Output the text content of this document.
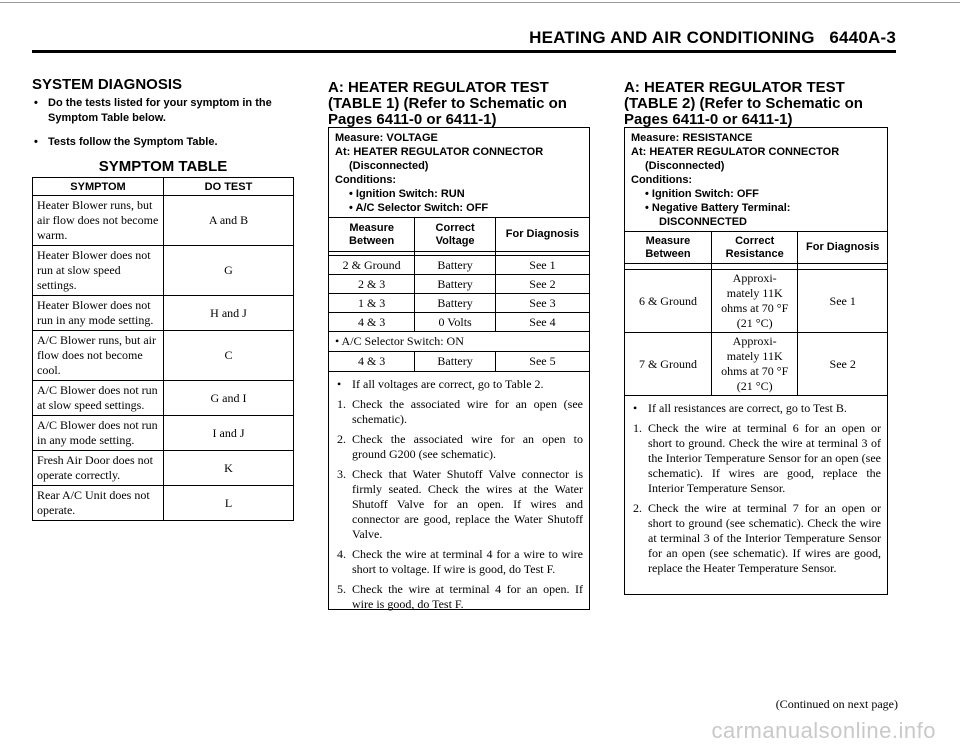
HEATING AND AIR CONDITIONING   6440A-3
SYSTEM DIAGNOSIS
• Do the tests listed for your symptom in the Symptom Table below.
• Tests follow the Symptom Table.
SYMPTOM TABLE
SYMPTOM	DO TEST
Heater Blower runs, but air flow does not become warm.	A and B
Heater Blower does not run at slow speed settings.	G
Heater Blower does not run in any mode setting.	H and J
A/C Blower runs, but air flow does not become cool.	C
A/C Blower does not run at slow speed settings.	G and I
A/C Blower does not run in any mode setting.	I and J
Fresh Air Door does not operate correctly.	K
Rear A/C Unit does not operate.	L
A: HEATER REGULATOR TEST (TABLE 1) (Refer to Schematic on Pages 6411-0 or 6411-1)
Measure: VOLTAGE
At: HEATER REGULATOR CONNECTOR
(Disconnected)
Conditions:
• Ignition Switch: RUN
• A/C Selector Switch: OFF
Measure Between	Correct Voltage	For Diagnosis

2 & Ground	Battery	See 1
2 & 3	Battery	See 2
1 & 3	Battery	See 3
4 & 3	0 Volts	See 4
• A/C Selector Switch: ON		
4 & 3	Battery	See 5
• If all voltages are correct, go to Table 2.
1. Check the associated wire for an open (see schematic).
2. Check the associated wire for an open to ground G200 (see schematic).
3. Check that Water Shutoff Valve connector is firmly seated. Check the wires at the Water Shutoff Valve for an open. If wires and connector are good, replace the Water Shutoff Valve.
4. Check the wire at terminal 4 for a wire to wire short to voltage. If wire is good, do Test F.
5. Check the wire at terminal 4 for an open. If wire is good, do Test F.
A: HEATER REGULATOR TEST (TABLE 2) (Refer to Schematic on Pages 6411-0 or 6411-1)
Measure: RESISTANCE
At: HEATER REGULATOR CONNECTOR
(Disconnected)
Conditions:
• Ignition Switch: OFF
• Negative Battery Terminal:
DISCONNECTED
Measure Between	Correct Resistance	For Diagnosis

6 & Ground	Approxi- mately 11K ohms at 70 °F (21 °C)	See 1
7 & Ground	Approxi- mately 11K ohms at 70 °F (21 °C)	See 2
• If all resistances are correct, go to Test B.
1. Check the wire at terminal 6 for an open or short to ground. Check the wire at terminal 3 of the Interior Temperature Sensor for an open (see schematic). If wires are good, replace the Interior Temperature Sensor.
2. Check the wire at terminal 7 for an open or short to ground (see schematic). Check the wire at terminal 3 of the Interior Temperature Sensor for an open (see schematic). If wires are good, replace the Heater Temperature Sensor.
(Continued on next page)
carmanualsonline.info
